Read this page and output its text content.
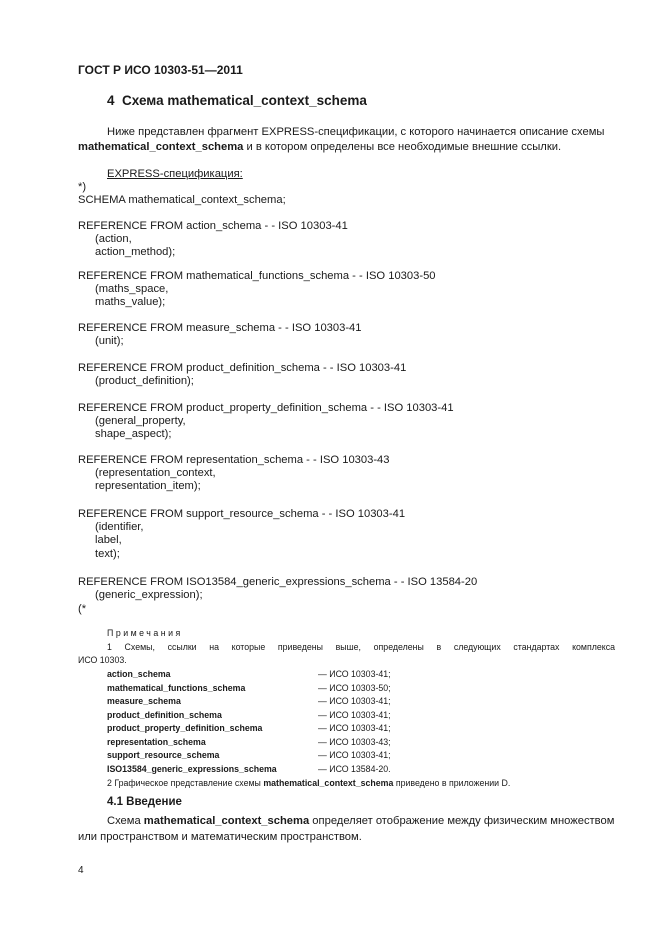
ГОСТ Р ИСО 10303-51—2011
4 Схема mathematical_context_schema
Ниже представлен фрагмент EXPRESS-спецификации, с которого начинается описание схемы
mathematical_context_schema и в котором определены все необходимые внешние ссылки.
EXPRESS-спецификация:
*)
SCHEMA mathematical_context_schema;
REFERENCE FROM action_schema - - ISO 10303-41
(action,
action_method);
REFERENCE FROM mathematical_functions_schema - - ISO 10303-50
(maths_space,
maths_value);
REFERENCE FROM measure_schema - - ISO 10303-41
(unit);
REFERENCE FROM product_definition_schema - - ISO 10303-41
(product_definition);
REFERENCE FROM product_property_definition_schema - - ISO 10303-41
(general_property,
shape_aspect);
REFERENCE FROM representation_schema - - ISO 10303-43
(representation_context,
representation_item);
REFERENCE FROM support_resource_schema - - ISO 10303-41
(identifier,
label,
text);
REFERENCE FROM ISO13584_generic_expressions_schema - - ISO 13584-20
(generic_expression);
(*
Примечания
1 Схемы, ссылки на которые приведены выше, определены в следующих стандартах комплекса
ИСО 10303.
action_schema	— ИСО 10303-41;
mathematical_functions_schema	— ИСО 10303-50;
measure_schema	— ИСО 10303-41;
product_definition_schema	— ИСО 10303-41;
product_property_definition_schema	— ИСО 10303-41;
representation_schema	— ИСО 10303-43;
support_resource_schema	— ИСО 10303-41;
ISO13584_generic_expressions_schema	— ИСО 13584-20.
2 Графическое представление схемы mathematical_context_schema приведено в приложении D.
4.1 Введение
Схема mathematical_context_schema определяет отображение между физическим множеством
или пространством и математическим пространством.
4
